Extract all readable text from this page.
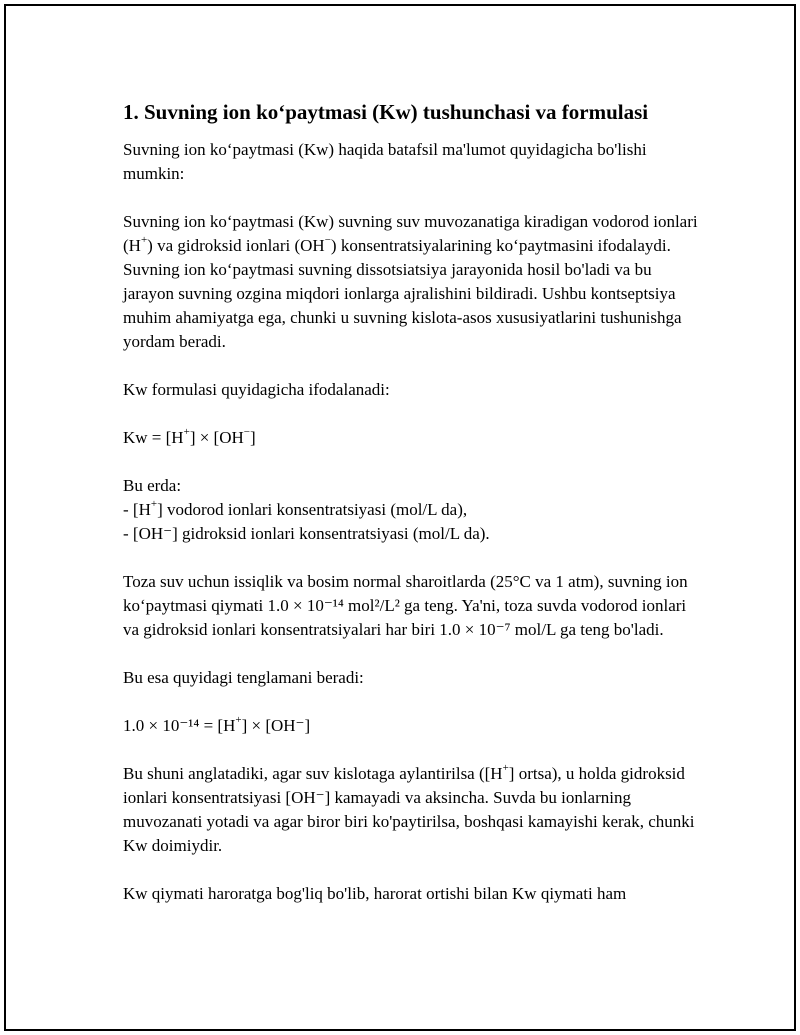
1. Suvning ion ko‘paytmasi (Kw) tushunchasi va formulasi

Suvning ion ko‘paytmasi (Kw) haqida batafsil ma'lumot quyidagicha bo'lishi mumkin:

Suvning ion ko‘paytmasi (Kw) suvning suv muvozanatiga kiradigan vodorod ionlari (H+) va gidroksid ionlari (OH−) konsentratsiyalarining ko‘paytmasini ifodalaydi. Suvning ion ko‘paytmasi suvning dissotsiatsiya jarayonida hosil bo'ladi va bu jarayon suvning ozgina miqdori ionlarga ajralishini bildiradi. Ushbu kontseptsiya muhim ahamiyatga ega, chunki u suvning kislota-asos xususiyatlarini tushunishga yordam beradi.

Kw formulasi quyidagicha ifodalanadi:

Kw = [H+] × [OH−]

Bu erda:

- [H+] vodorod ionlari konsentratsiyasi (mol/L da),

- [OH⁻] gidroksid ionlari konsentratsiyasi (mol/L da).

Toza suv uchun issiqlik va bosim normal sharoitlarda (25°C va 1 atm), suvning ion ko‘paytmasi qiymati 1.0 × 10⁻¹⁴ mol²/L² ga teng. Ya'ni, toza suvda vodorod ionlari va gidroksid ionlari konsentratsiyalari har biri 1.0 × 10⁻⁷ mol/L ga teng bo'ladi.

Bu esa quyidagi tenglamani beradi:

1.0 × 10⁻¹⁴ = [H+] × [OH⁻]

Bu shuni anglatadiki, agar suv kislotaga aylantirilsa ([H+] ortsa), u holda gidroksid ionlari konsentratsiyasi [OH⁻] kamayadi va aksincha. Suvda bu ionlarning muvozanati yotadi va agar biror biri ko'paytirilsa, boshqasi kamayishi kerak, chunki Kw doimiydir.

Kw qiymati haroratga bog'liq bo'lib, harorat ortishi bilan Kw qiymati ham
